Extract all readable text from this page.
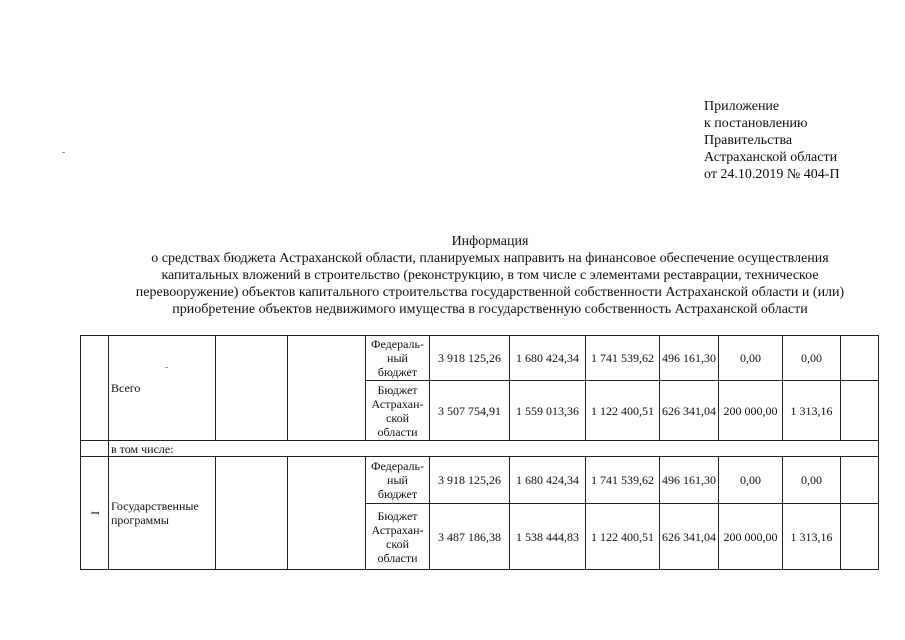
Приложение
к постановлению
Правительства
Астраханской области
от 24.10.2019 № 404-П
Информация
о средствах бюджета Астраханской области, планируемых направить на финансовое обеспечение осуществления
капитальных вложений в строительство (реконструкцию, в том числе с элементами реставрации, техническое
перевооружение) объектов капитального строительства государственной собственности Астраханской области и (или)
приобретение объектов недвижимого имущества в государственную собственность Астраханской области
	Всего			Федераль-
ный
бюджет	3 918 125,26	1 680 424,34	1 741 539,62	496 161,30	0,00	0,00	
				Бюджет
Астрахан-
ской
области	3 507 754,91	1 559 013,36	1 122 400,51	626 341,04	200 000,00	1 313,16	
	в том числе:										
I	Государственные
программы			Федераль-
ный
бюджет	3 918 125,26	1 680 424,34	1 741 539,62	496 161,30	0,00	0,00	
				Бюджет
Астрахан-
ской
области	3 487 186,38	1 538 444,83	1 122 400,51	626 341,04	200 000,00	1 313,16	
